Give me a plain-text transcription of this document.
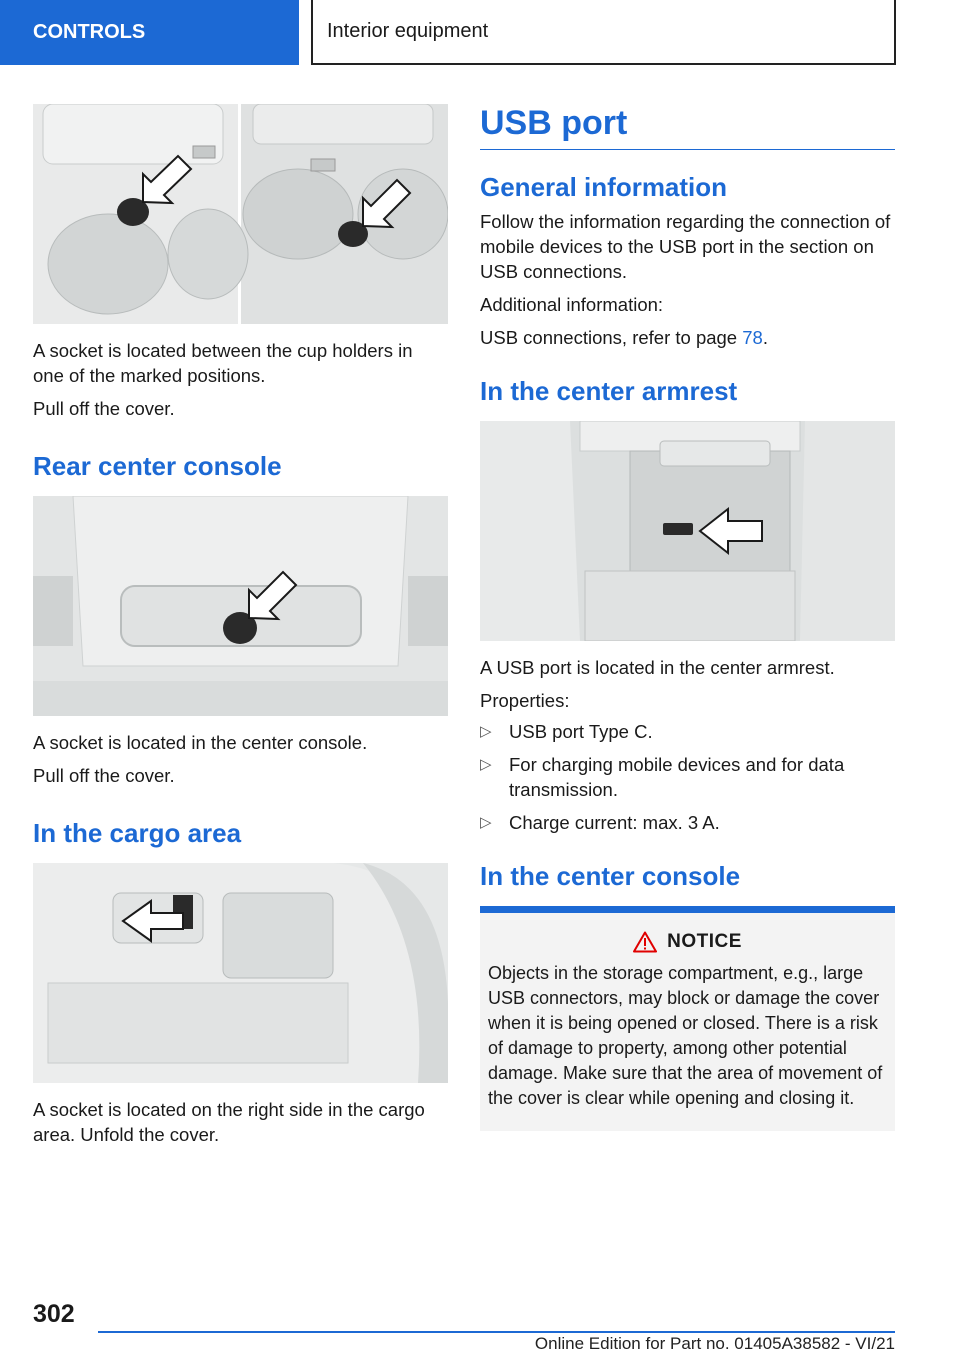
CONTROLS	Interior equipment

A socket is located between the cup holders in one of the marked positions.

Pull off the cover.

Rear center console

A socket is located in the center console.

Pull off the cover.

In the cargo area

A socket is located on the right side in the cargo area. Unfold the cover.

USB port
General information

Follow the information regarding the connection of mobile devices to the USB port in the section on USB connections.

Additional information:

USB connections, refer to page 78.

In the center armrest

A USB port is located in the center armrest.

Properties:

▷ USB port Type C.
▷ For charging mobile devices and for data transmission.
▷ Charge current: max. 3 A.
In the center console
NOTICE

Objects in the storage compartment, e.g., large USB connectors, may block or damage the cover when it is being opened or closed. There is a risk of damage to property, among other potential damage. Make sure that the area of movement of the cover is clear while opening and closing it.

302
Online Edition for Part no. 01405A38582 - VI/21
